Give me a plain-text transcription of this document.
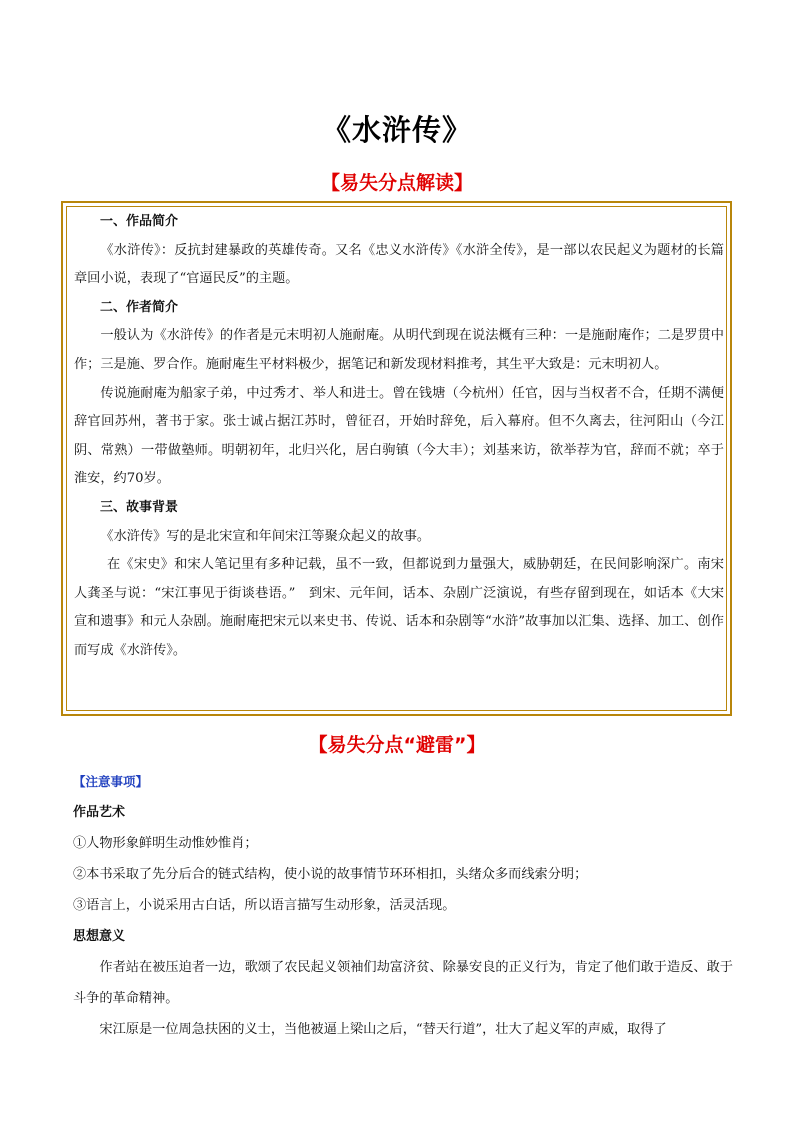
《水浒传》
【易失分点解读】

一、作品简介

《水浒传》：反抗封建暴政的英雄传奇。又名《忠义水浒传》《水浒全传》，是一部以农民起义为题材的长篇章回小说，表现了“官逼民反”的主题。

二、作者简介

一般认为《水浒传》的作者是元末明初人施耐庵。从明代到现在说法概有三种：一是施耐庵作；二是罗贯中作；三是施、罗合作。施耐庵生平材料极少，据笔记和新发现材料推考，其生平大致是：元末明初人。

传说施耐庵为船家子弟，中过秀才、举人和进士。曾在钱塘（今杭州）任官，因与当权者不合，任期不满便辞官回苏州，著书于家。张士诚占据江苏时，曾征召，开始时辞免，后入幕府。但不久离去，往河阳山（今江阴、常熟）一带做塾师。明朝初年，北归兴化，居白驹镇（今大丰）；刘基来访，欲举荐为官，辞而不就；卒于淮安，约70岁。

三、故事背景

《水浒传》写的是北宋宣和年间宋江等聚众起义的故事。

在《宋史》和宋人笔记里有多种记载，虽不一致，但都说到力量强大，威胁朝廷，在民间影响深广。南宋人龚圣与说：“宋江事见于街谈巷语。”　到宋、元年间，话本、杂剧广泛演说，有些存留到现在，如话本《大宋宣和遗事》和元人杂剧。施耐庵把宋元以来史书、传说、话本和杂剧等“水浒”故事加以汇集、选择、加工、创作而写成《水浒传》。

【易失分点“避雷”】

【注意事项】

作品艺术

①人物形象鲜明生动惟妙惟肖；

②本书采取了先分后合的链式结构，使小说的故事情节环环相扣，头绪众多而线索分明；

③语言上，小说采用古白话，所以语言描写生动形象，活灵活现。

思想意义

作者站在被压迫者一边，歌颂了农民起义领袖们劫富济贫、除暴安良的正义行为，肯定了他们敢于造反、敢于斗争的革命精神。

宋江原是一位周急扶困的义士，当他被逼上梁山之后，“替天行道”，壮大了起义军的声威，取得了
